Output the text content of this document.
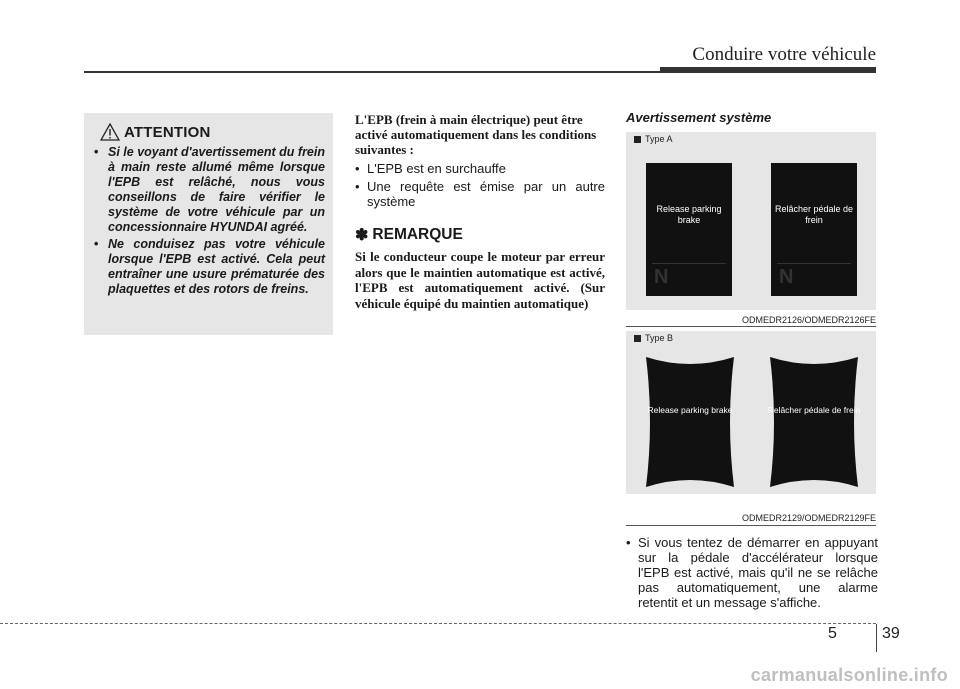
Conduire votre véhicule
ATTENTION
• Si le voyant d'avertissement du frein à main reste allumé même lorsque l'EPB est relâché, nous vous conseillons de faire vérifier le système de votre véhicule par un concessionnaire HYUNDAI agréé.
• Ne conduisez pas votre véhicule lorsque l'EPB est activé. Cela peut entraîner une usure prématurée des plaquettes et des rotors de freins.

L'EPB (frein à main électrique) peut être activé automatiquement dans les conditions suivantes :

• L'EPB est en surchauffe
• Une requête est émise par un autre système
✽ REMARQUE
Si le conducteur coupe le moteur par erreur alors que le maintien automatique est activé, l'EPB est automatiquement activé. (Sur véhicule équipé du maintien automatique)
Avertissement système
Type A
Release parking brake
N
Relâcher pédale de frein
N
ODMEDR2126/ODMEDR2126FE
Type B
Release parking brake	Relâcher pédale de frein
ODMEDR2129/ODMEDR2129FE
• Si vous tentez de démarrer en appuyant sur la pédale d'accélérateur lorsque l'EPB est activé, mais qu'il ne se relâche pas automatiquement, une alarme retentit et un message s'affiche.
5	39
carmanualsonline.info
